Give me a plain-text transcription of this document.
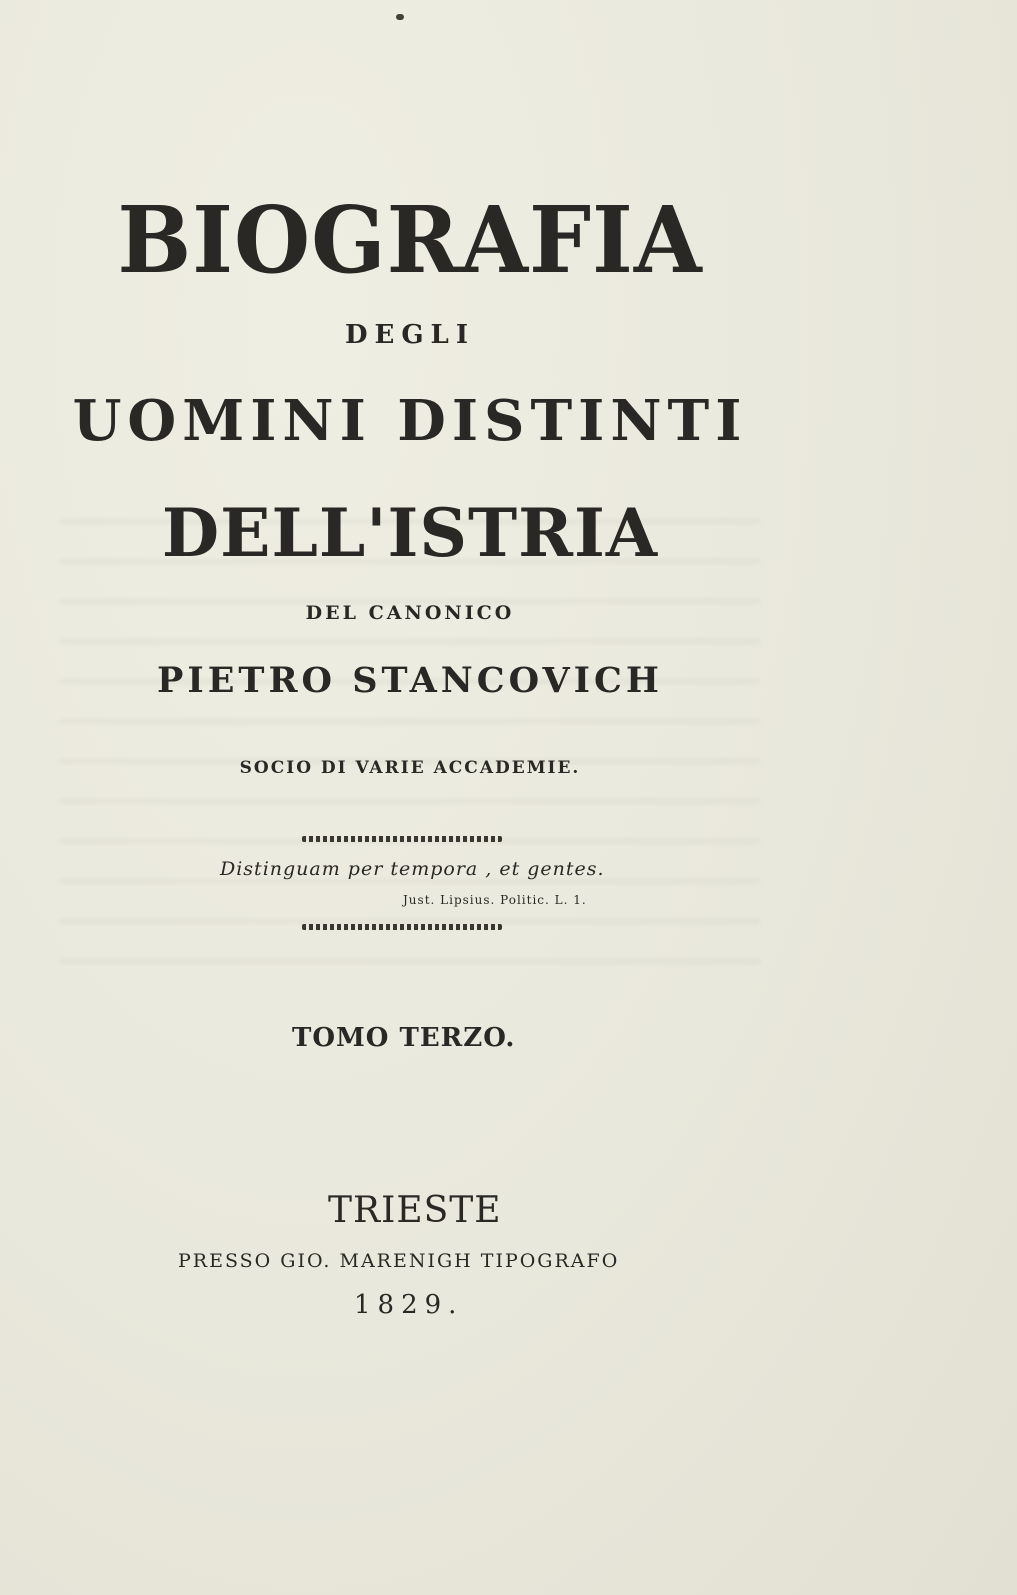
BIOGRAFIA
DEGLI
UOMINI DISTINTI
DELL'ISTRIA
DEL CANONICO
PIETRO STANCOVICH
SOCIO DI VARIE ACCADEMIE.
Distinguam per tempora , et gentes.
Just. Lipsius. Politic. L. 1.
TOMO TERZO.
TRIESTE
PRESSO GIO. MARENIGH TIPOGRAFO
1829.
